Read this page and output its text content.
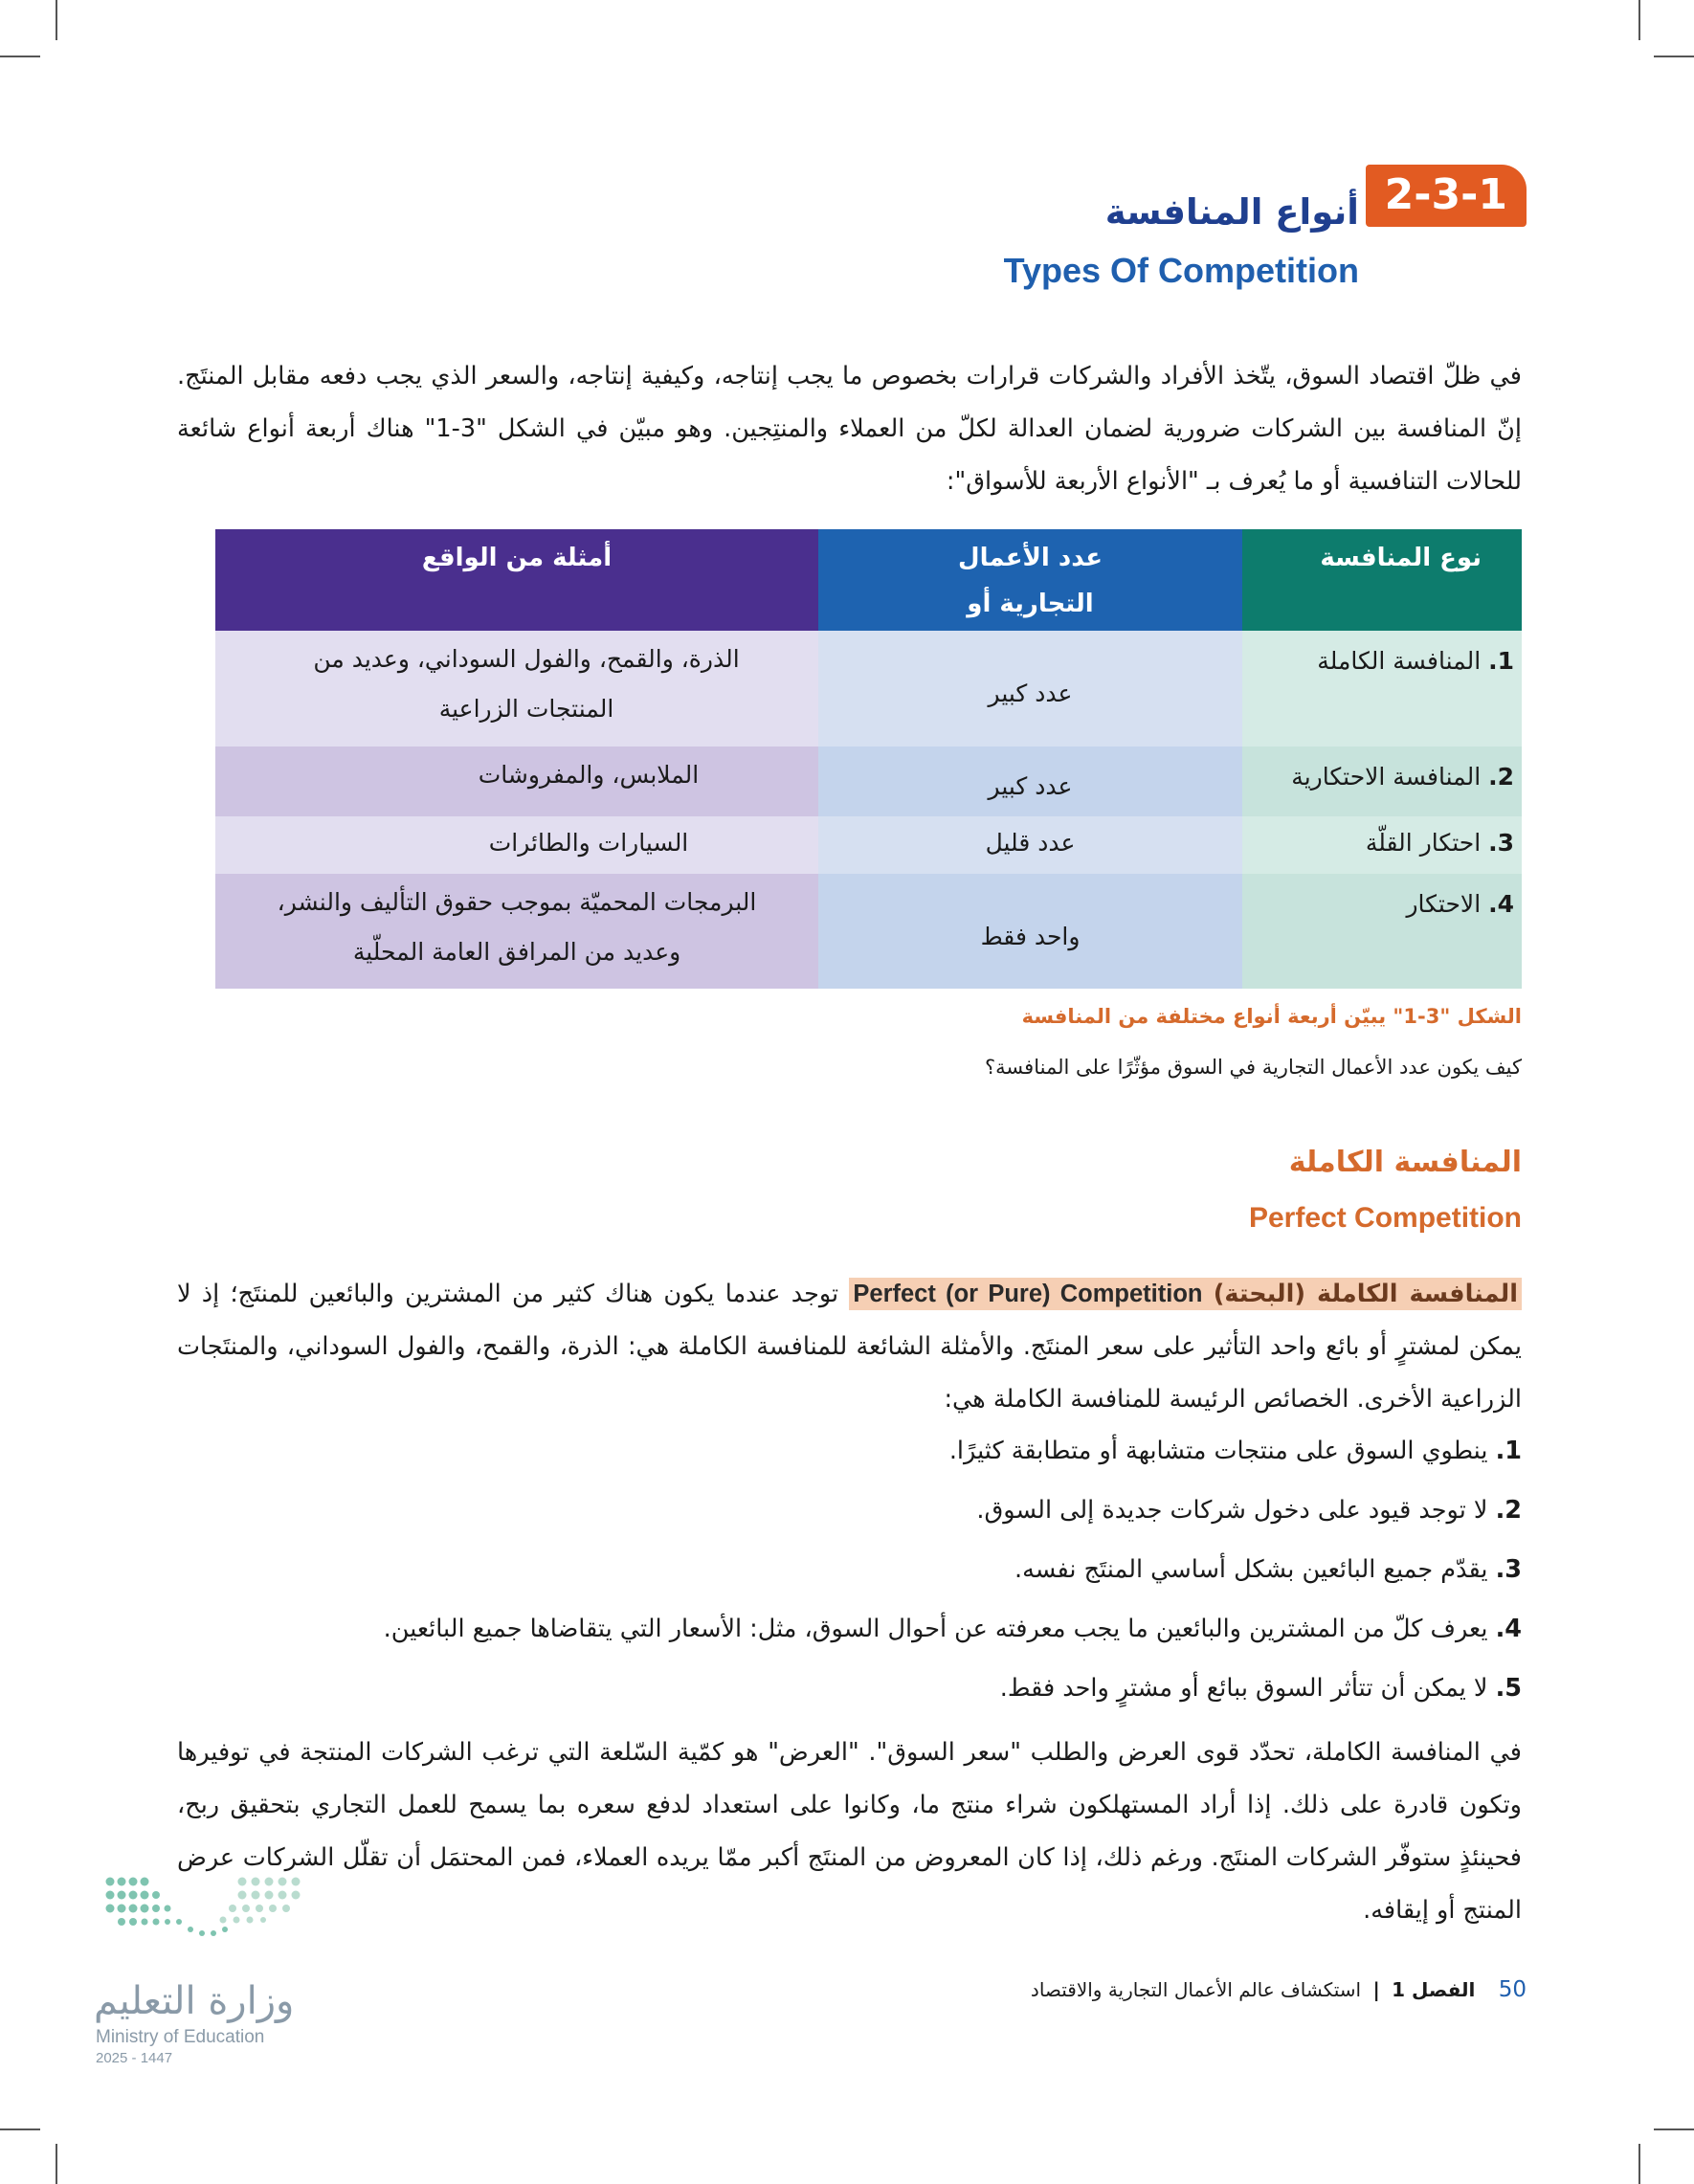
2-3-1
أنواع المنافسة
Types Of Competition

في ظلّ اقتصاد السوق، يتّخذ الأفراد والشركات قرارات بخصوص ما يجب إنتاجه، وكيفية إنتاجه، والسعر الذي يجب دفعه مقابل المنتَج. إنّ المنافسة بين الشركات ضرورية لضمان العدالة لكلّ من العملاء والمنتِجين. وهو مبيّن في الشكل "3-1" هناك أربعة أنواع شائعة للحالات التنافسية أو ما يُعرف بـ "الأنواع الأربعة للأسواق":

نوع المنافسة
عدد الأعمال التجارية أو
أمثلة من الواقع
1. المنافسة الكاملة
عدد كبير
الذرة، والقمح، والفول السوداني، وعديد من المنتجات الزراعية
2. المنافسة الاحتكارية
عدد كبير
الملابس، والمفروشات
3. احتكار القلّة
عدد قليل
السيارات والطائرات
4. الاحتكار
واحد فقط
البرمجات المحميّة بموجب حقوق التأليف والنشر، وعديد من المرافق العامة المحلّية
الشكل "3-1" يبيّن أربعة أنواع مختلفة من المنافسة
كيف يكون عدد الأعمال التجارية في السوق مؤثّرًا على المنافسة؟
المنافسة الكاملة
Perfect Competition

المنافسة الكاملة (البحتة) Perfect (or Pure) Competition توجد عندما يكون هناك كثير من المشترين والبائعين للمنتَج؛ إذ لا يمكن لمشترٍ أو بائع واحد التأثير على سعر المنتَج. والأمثلة الشائعة للمنافسة الكاملة هي: الذرة، والقمح، والفول السوداني، والمنتَجات الزراعية الأخرى. الخصائص الرئيسة للمنافسة الكاملة هي:

1. ينطوي السوق على منتجات متشابهة أو متطابقة كثيرًا.
2. لا توجد قيود على دخول شركات جديدة إلى السوق.
3. يقدّم جميع البائعين بشكل أساسي المنتَج نفسه.
4. يعرف كلّ من المشترين والبائعين ما يجب معرفته عن أحوال السوق، مثل: الأسعار التي يتقاضاها جميع البائعين.
5. لا يمكن أن تتأثر السوق ببائع أو مشترٍ واحد فقط.

في المنافسة الكاملة، تحدّد قوى العرض والطلب "سعر السوق". "العرض" هو كمّية السّلعة التي ترغب الشركات المنتجة في توفيرها وتكون قادرة على ذلك. إذا أراد المستهلكون شراء منتج ما، وكانوا على استعداد لدفع سعره بما يسمح للعمل التجاري بتحقيق ربح، فحينئذٍ ستوفّر الشركات المنتَج. ورغم ذلك، إذا كان المعروض من المنتَج أكبر ممّا يريده العملاء، فمن المحتمَل أن تقلّل الشركات عرض المنتج أو إيقافه.

50 الفصل 1 | استكشاف عالم الأعمال التجارية والاقتصاد
وزارة التعليم
Ministry of Education
2025 - 1447
